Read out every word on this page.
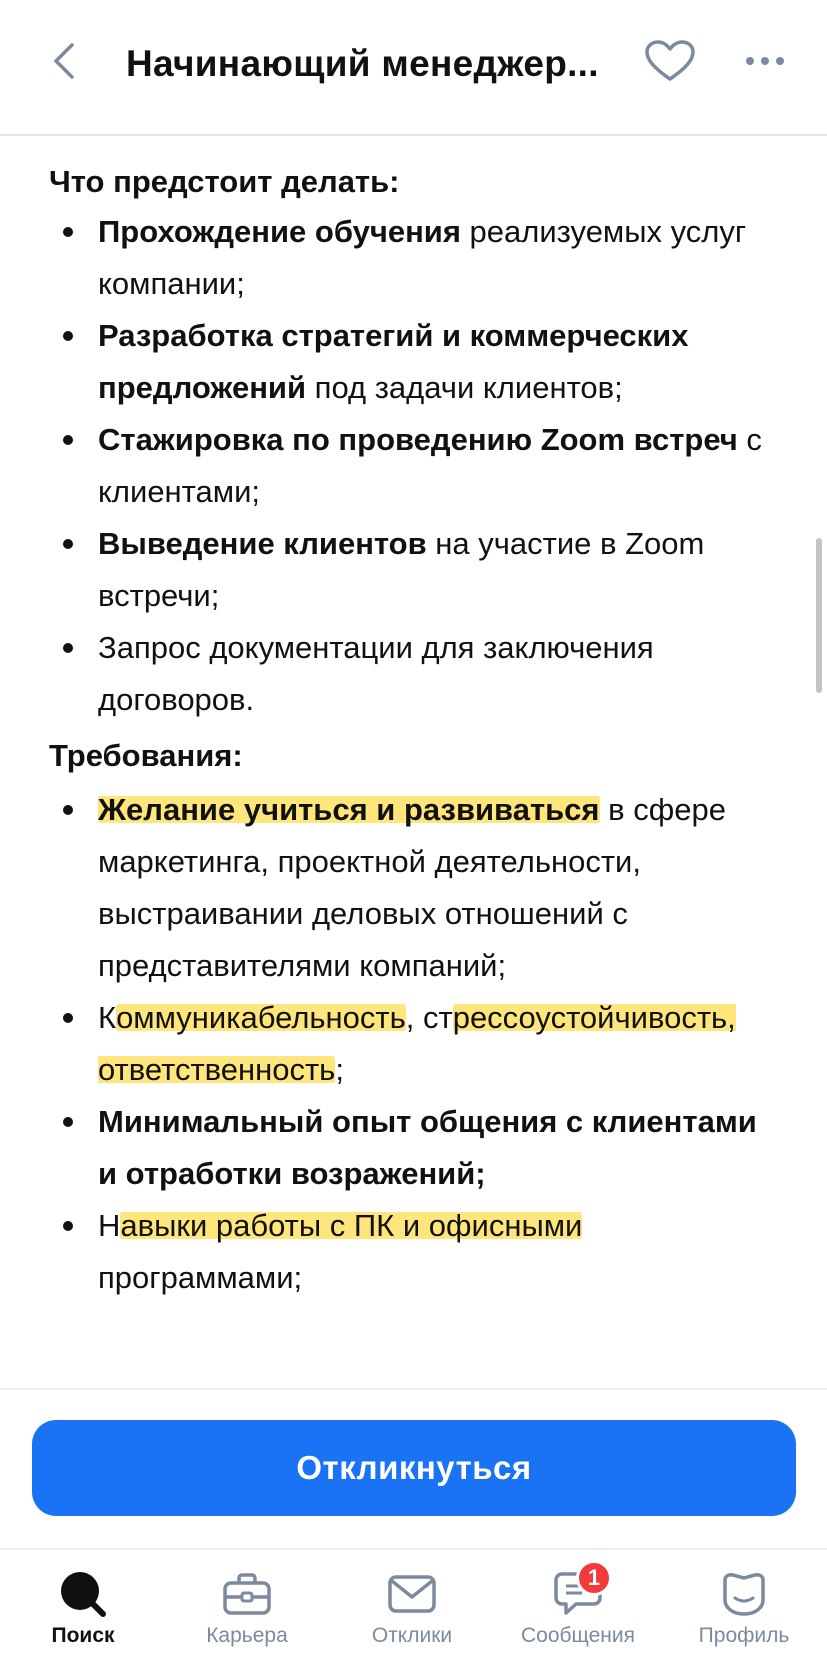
Начинающий менеджер...
Что предстоит делать:
Прохождение обучения реализуемых услуг компании;
Разработка стратегий и коммерческих предложений под задачи клиентов;
Стажировка по проведению Zoom встреч с клиентами;
Выведение клиентов на участие в Zoom встречи;
Запрос документации для заключения договоров.
Требования:
Желание учиться и развиваться в сфере маркетинга, проектной деятельности, выстраивании деловых отношений с представителями компаний;
Коммуникабельность, стрессоустойчивость, ответственность;
Минимальный опыт общения с клиентами и отработки возражений;
Навыки работы с ПК и офисными программами;
Откликнуться
Поиск	Карьера	Отклики
1
Сообщения	Профиль
